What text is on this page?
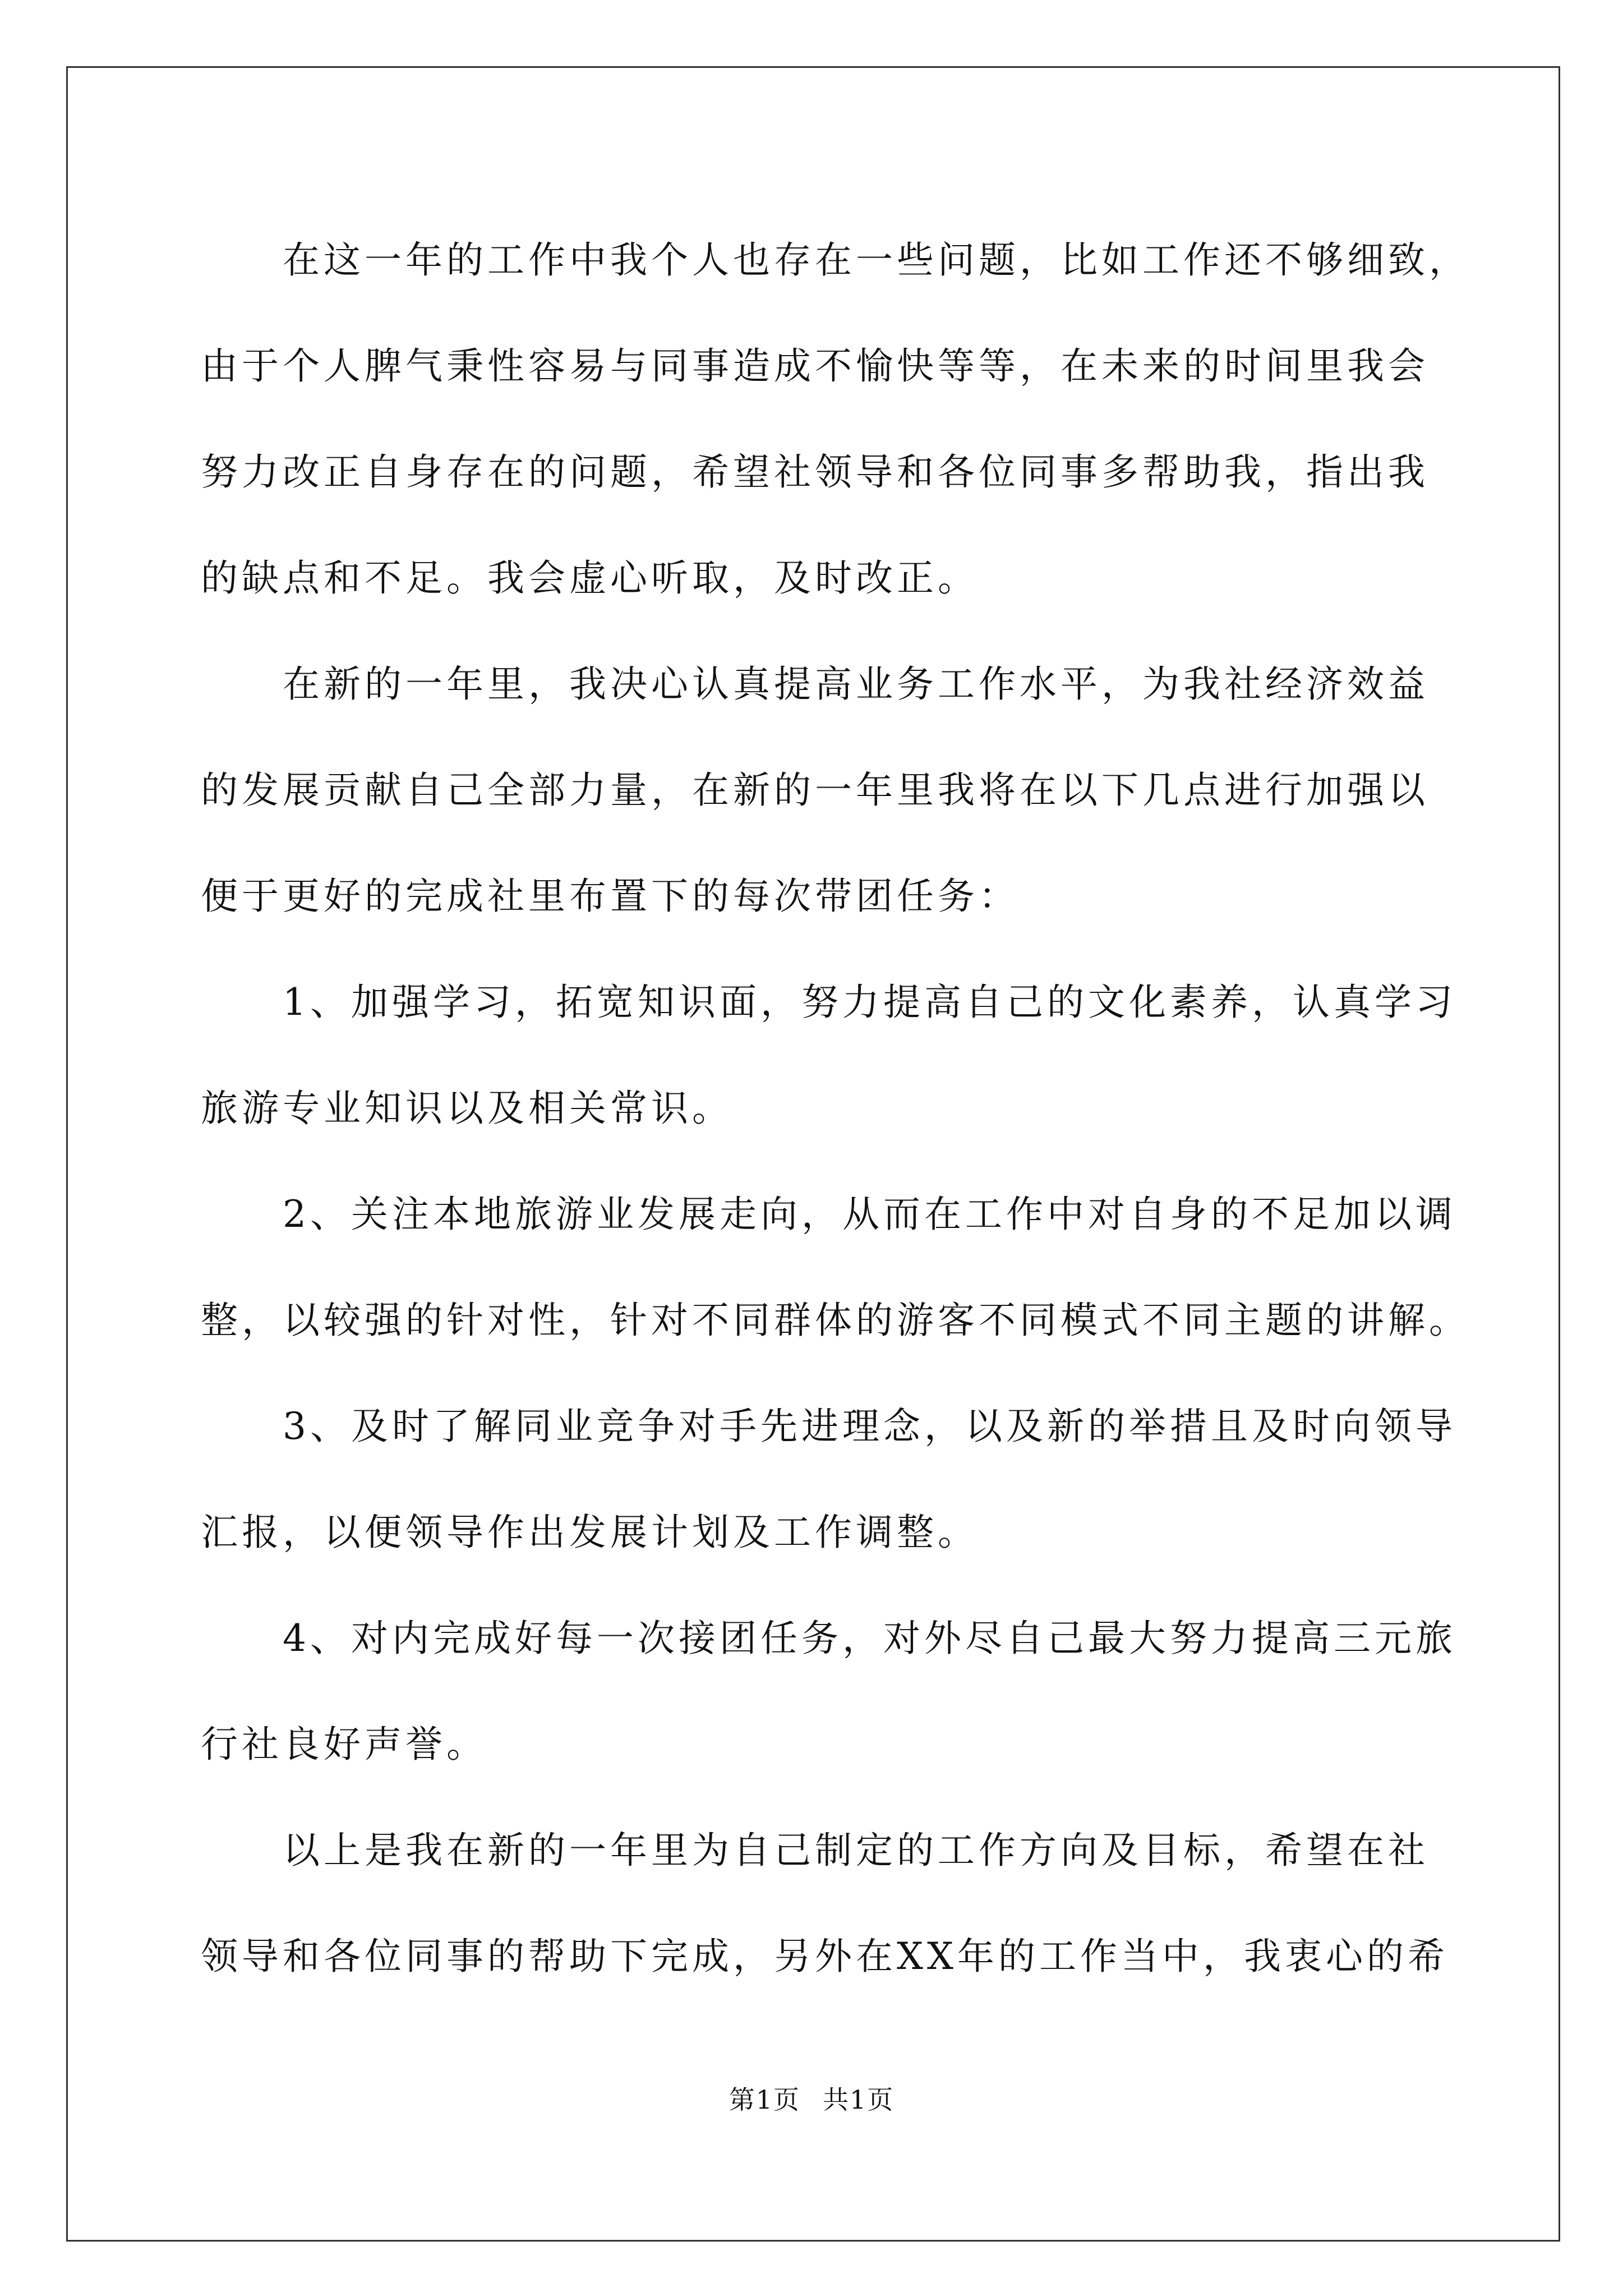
在这一年的工作中我个人也存在一些问题，比如工作还不够细致，
由于个人脾气秉性容易与同事造成不愉快等等，在未来的时间里我会
努力改正自身存在的问题，希望社领导和各位同事多帮助我，指出我
的缺点和不足。我会虚心听取，及时改正。
在新的一年里，我决心认真提高业务工作水平，为我社经济效益
的发展贡献自己全部力量，在新的一年里我将在以下几点进行加强以
便于更好的完成社里布置下的每次带团任务：
1、加强学习，拓宽知识面，努力提高自己的文化素养，认真学习
旅游专业知识以及相关常识。
2、关注本地旅游业发展走向，从而在工作中对自身的不足加以调
整，以较强的针对性，针对不同群体的游客不同模式不同主题的讲解。
3、及时了解同业竞争对手先进理念，以及新的举措且及时向领导
汇报，以便领导作出发展计划及工作调整。
4、对内完成好每一次接团任务，对外尽自己最大努力提高三元旅
行社良好声誉。
以上是我在新的一年里为自己制定的工作方向及目标，希望在社
领导和各位同事的帮助下完成，另外在XX年的工作当中，我衷心的希
第1页 共1页
